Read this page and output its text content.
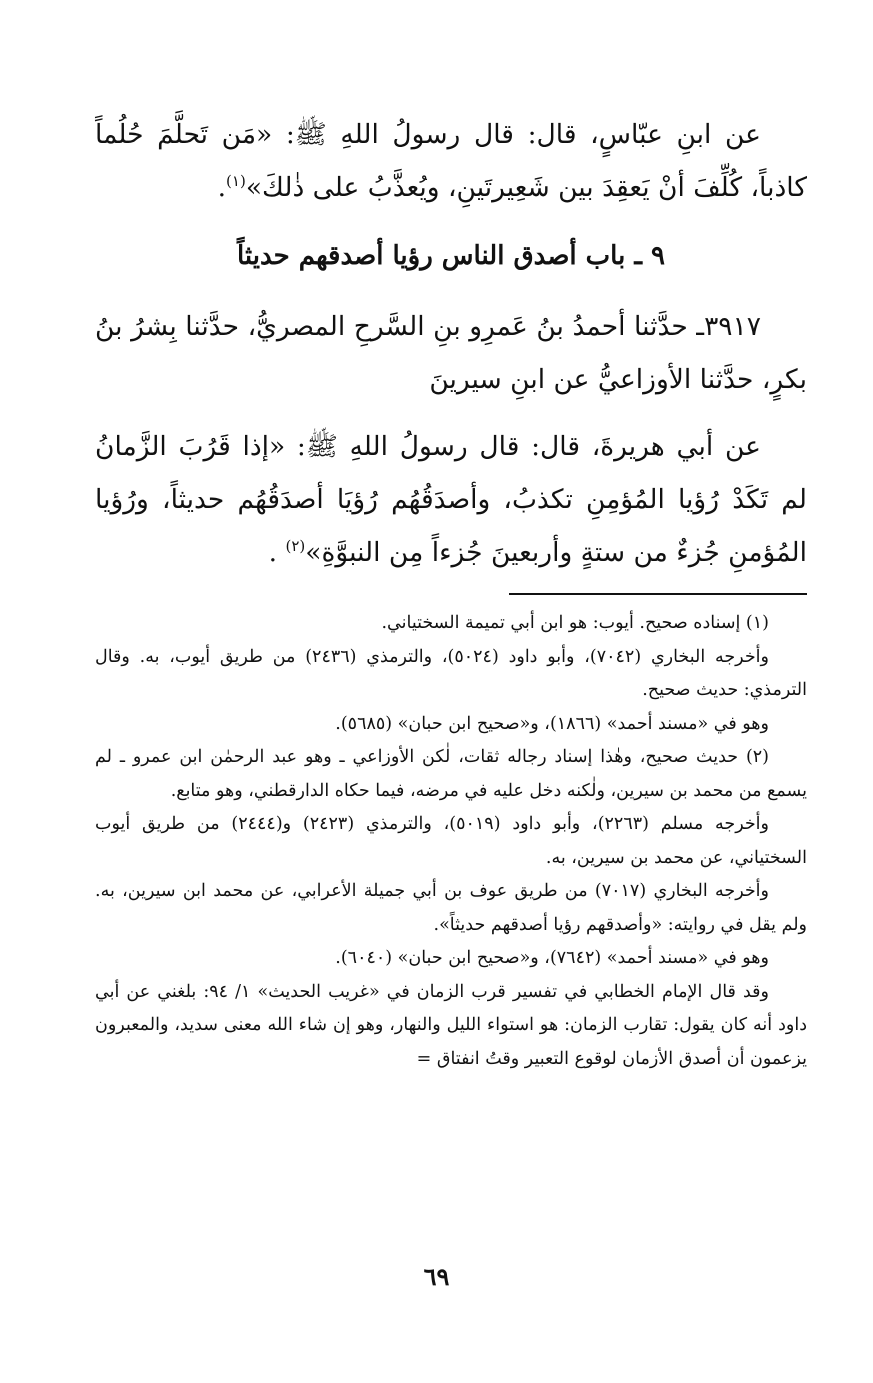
عن ابنِ عبّاسٍ، قال: قال رسولُ اللهِ ﷺ: «مَن تَحلَّمَ حُلُماً كاذباً، كُلِّفَ أنْ يَعقِدَ بين شَعِيرتَينِ، ويُعذَّبُ على ذٰلكَ»$^{(١)}$.

٩ ـ باب أصدق الناس رؤيا أصدقهم حديثاً

٣٩١٧ـ حدَّثنا أحمدُ بنُ عَمرِو بنِ السَّرحِ المصريُّ، حدَّثنا بِشرُ بنُ بكرٍ، حدَّثنا الأوزاعيُّ عن ابنِ سيرينَ

عن أبي هريرةَ، قال: قال رسولُ اللهِ ﷺ: «إذا قَرُبَ الزَّمانُ لم تَكَدْ رُؤيا المُؤمِنِ تكذبُ، وأصدَقُهُم رُؤيَا أصدَقُهُم حديثاً، ورُؤيا المُؤمنِ جُزءٌ من ستةٍ وأربعينَ جُزءاً مِن النبوَّةِ»$^{(٢)}$ .

(١) إسناده صحيح. أيوب: هو ابن أبي تميمة السختياني.

وأخرجه البخاري (٧٠٤٢)، وأبو داود (٥٠٢٤)، والترمذي (٢٤٣٦) من طريق أيوب، به. وقال الترمذي: حديث صحيح.

وهو في «مسند أحمد» (١٨٦٦)، و«صحيح ابن حبان» (٥٦٨٥).

(٢) حديث صحيح، وهٰذا إسناد رجاله ثقات، لٰكن الأوزاعي ـ وهو عبد الرحمٰن ابن عمرو ـ لم يسمع من محمد بن سيرين، ولٰكنه دخل عليه في مرضه، فيما حكاه الدارقطني، وهو متابع.

وأخرجه مسلم (٢٢٦٣)، وأبو داود (٥٠١٩)، والترمذي (٢٤٢٣) و(٢٤٤٤) من طريق أيوب السختياني، عن محمد بن سيرين، به.

وأخرجه البخاري (٧٠١٧) من طريق عوف بن أبي جميلة الأعرابي، عن محمد ابن سيرين، به. ولم يقل في روايته: «وأصدقهم رؤيا أصدقهم حديثاً».

وهو في «مسند أحمد» (٧٦٤٢)، و«صحيح ابن حبان» (٦٠٤٠).

وقد قال الإمام الخطابي في تفسير قرب الزمان في «غريب الحديث» ١/ ٩٤: بلغني عن أبي داود أنه كان يقول: تقارب الزمان: هو استواء الليل والنهار، وهو إن شاء الله معنى سديد، والمعبرون يزعمون أن أصدق الأزمان لوقوع التعبير وقتُ انفتاق =

٦٩
